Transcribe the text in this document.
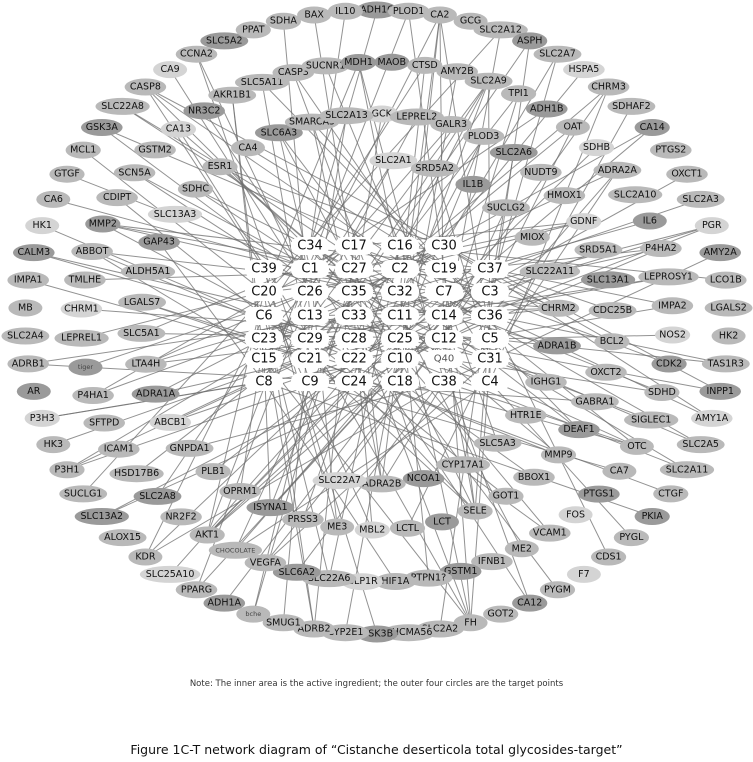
C34 C17 C16 C30
C39 C1 C27 C2 C19 C37
C20 C26 C35 C32 C7 C3
C6 C13 C33 C11 C14 C36
C23 C29 C28 C25 C12 C5
C15 C21 C22 C10 Q40 C31
C8 C9 C24 C18 C38 C4
ADH1C PLOD1 CA2
GCG
SLC2A12
ASPH
SLC2A7
HSPA5
CHRM3
SDHAF2
CA14
PTGS2
OXCT1
SLC2A3
PGR
AMY2A
LCO1B
LGALS2
HK2
TAS1R3
INPP1
AMY1A
SLC2A5
SLC2A11
CTGF
PKIA
PYGL
CDS1
F7
PYGM
CA12
GOT2
FH
SLC2A2
HHCMA56
GSK3B
CYP2E1
ADRB2
SMUG1
bche
ADH1A
PPARG
SLC25A10
KDR
ALOX15
SLC13A2
SUCLG1
P3H1
HK3
P3H3
AR
ADRB1
SLC2A4
MB
IMPA1
CALM3
HK1
CA6
GTGF
MCL1
GSK3A
SLC22A8
CASP8
CA9
CCNA2
SLC5A2
PPAT
SDHA
BAX IL10
MAOB CTSD
AMY2B
SLC2A9
TPI1
ADH1B
OAT
SDHB
ADRA2A
SLC2A10
IL6
P4HA2
LEPROSY1
IMPA2
NOS2
CDK2
SDHD
SIGLEC1
OTC
CA7
PTGS1
FOS
VCAM1
ME2
IFNB1
GSTM1
PTPN1?
HIF1A
GLP1R
SLC22A6
SLC6A2
VEGFA
CHOCOLATE
AKT1
NR2F2
SLC2A8
HSD17B6
ICAM1
SFTPD
P4HA1
tiger
LEPREL1
CHRM1
TMLHE
ABBOT
MMP2
CDIPT
SCN5A
GSTM2
CA13
NR3C2
AKR1B1
SLC5A11
CASP3
SUCNR1
MDH1
GCK LEPREL2
GALR3
PLOD3
SLC2A6
NUDT9
HMOX1
GDNF
SRD5A1
SLC13A1
CDC25B
BCL2
OXCT2
GABRA1
DEAF1
MMP9
BBOX1
GOT1
SELE
LCT
LCTL
MBL2
ME3
PRSS3
ISYNA1
OPRM1
PLB1
GNPDA1
ABCB1
ADRA1A
LTA4H
SLC5A1
LGALS7
ALDH5A1
GAP43
SLC13A3
SDHC
ESR1
CA4
SLC6A3
SMARCA5
SLC2A13
SLC2A1
SRD5A2
IL1B
SUCLG2
MIOX
SLC22A11
CHRM2
ADRA1B
IGHG1
HTR1E
SLC5A3
CYP17A1
NCOA1
ADRA2B
SLC22A7
Note: The inner area is the active ingredient; the outer four circles are the target points
Figure 1C-T network diagram of “Cistanche deserticola total glycosides-target”
